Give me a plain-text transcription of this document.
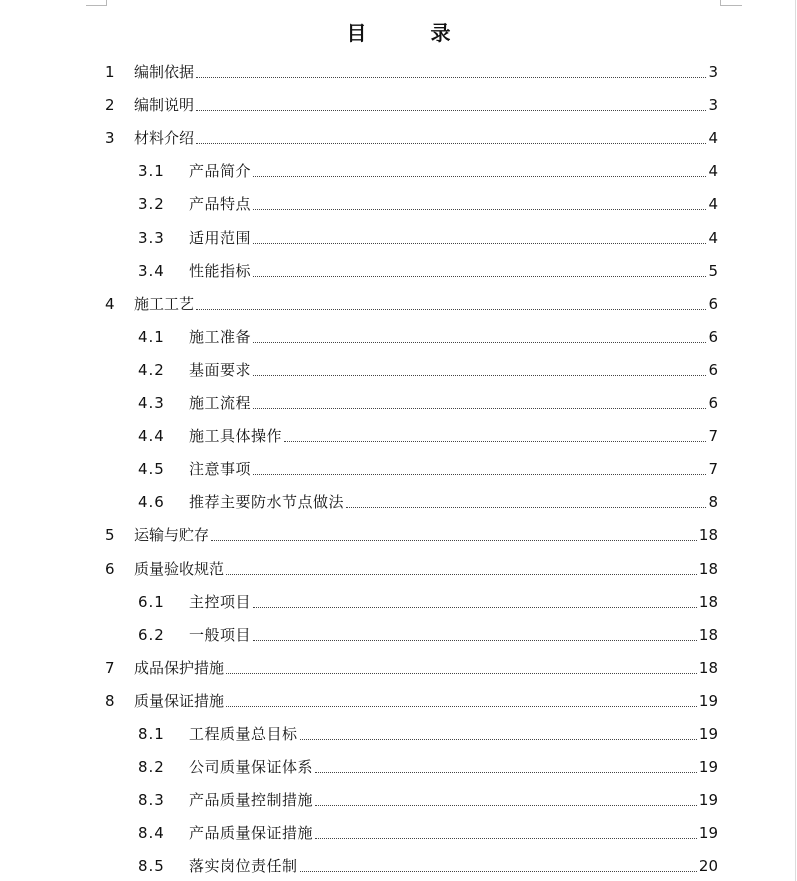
目　录
1 编制依据	3
2 编制说明	3
3 材料介绍	4
3.1 产品简介	4
3.2 产品特点	4
3.3 适用范围	4
3.4 性能指标	5
4 施工工艺	6
4.1 施工准备	6
4.2 基面要求	6
4.3 施工流程	6
4.4 施工具体操作	7
4.5 注意事项	7
4.6 推荐主要防水节点做法	8
5 运输与贮存	18
6 质量验收规范	18
6.1 主控项目	18
6.2 一般项目	18
7 成品保护措施	18
8 质量保证措施	19
8.1 工程质量总目标	19
8.2 公司质量保证体系	19
8.3 产品质量控制措施	19
8.4 产品质量保证措施	19
8.5 落实岗位责任制	20
